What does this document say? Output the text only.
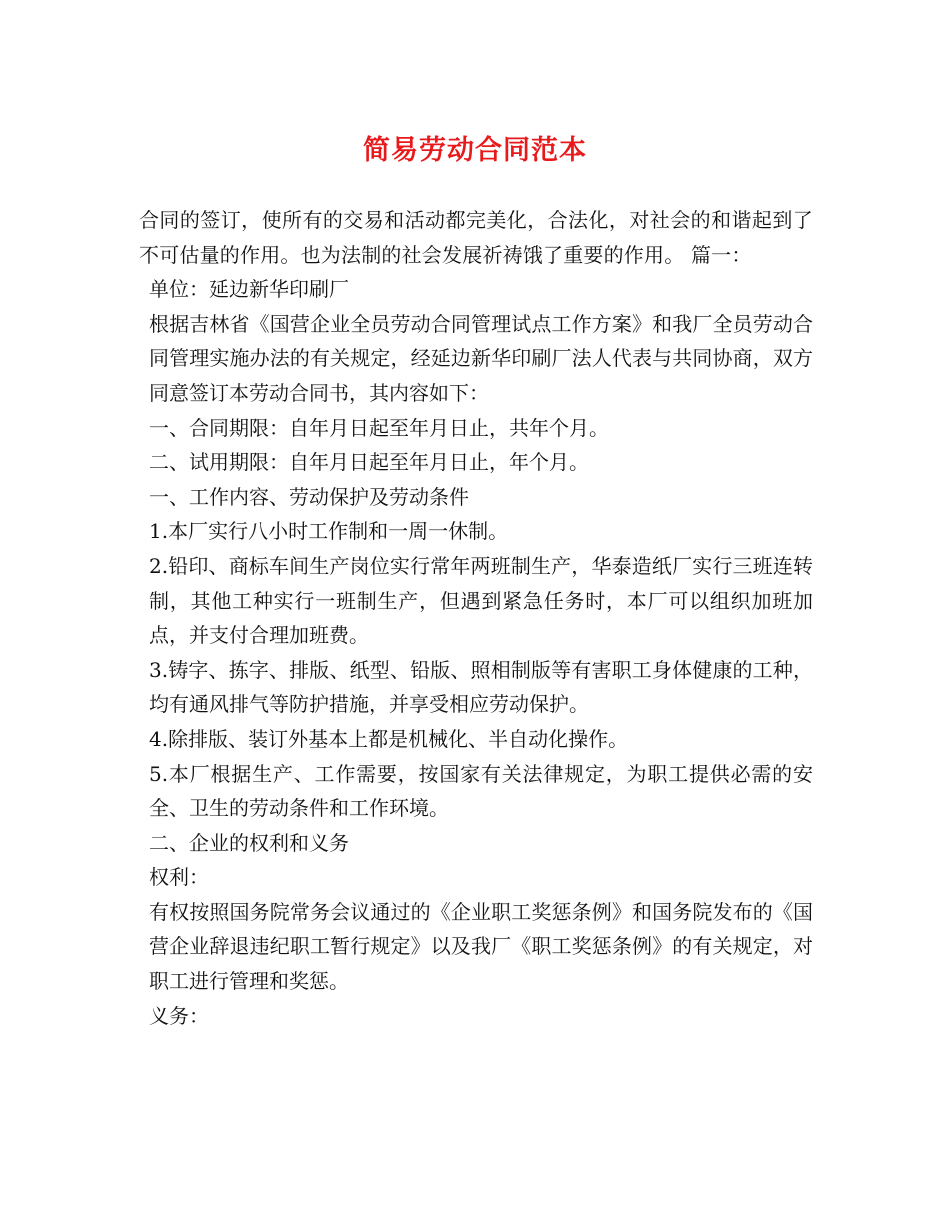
简易劳动合同范本

合同的签订，使所有的交易和活动都完美化，合法化，对社会的和谐起到了不可估量的作用。也为法制的社会发展祈祷饿了重要的作用。 篇一：

单位：延边新华印刷厂

根据吉林省《国营企业全员劳动合同管理试点工作方案》和我厂全员劳动合同管理实施办法的有关规定，经延边新华印刷厂法人代表与共同协商，双方同意签订本劳动合同书，其内容如下：

一、合同期限：自年月日起至年月日止，共年个月。

二、试用期限：自年月日起至年月日止，年个月。

一、工作内容、劳动保护及劳动条件

1.本厂实行八小时工作制和一周一休制。

2.铅印、商标车间生产岗位实行常年两班制生产，华泰造纸厂实行三班连转制，其他工种实行一班制生产，但遇到紧急任务时，本厂可以组织加班加点，并支付合理加班费。

3.铸字、拣字、排版、纸型、铅版、照相制版等有害职工身体健康的工种，均有通风排气等防护措施，并享受相应劳动保护。

4.除排版、装订外基本上都是机械化、半自动化操作。

5.本厂根据生产、工作需要，按国家有关法律规定，为职工提供必需的安全、卫生的劳动条件和工作环境。

二、企业的权利和义务

权利：

有权按照国务院常务会议通过的《企业职工奖惩条例》和国务院发布的《国营企业辞退违纪职工暂行规定》以及我厂《职工奖惩条例》的有关规定，对职工进行管理和奖惩。

义务：
